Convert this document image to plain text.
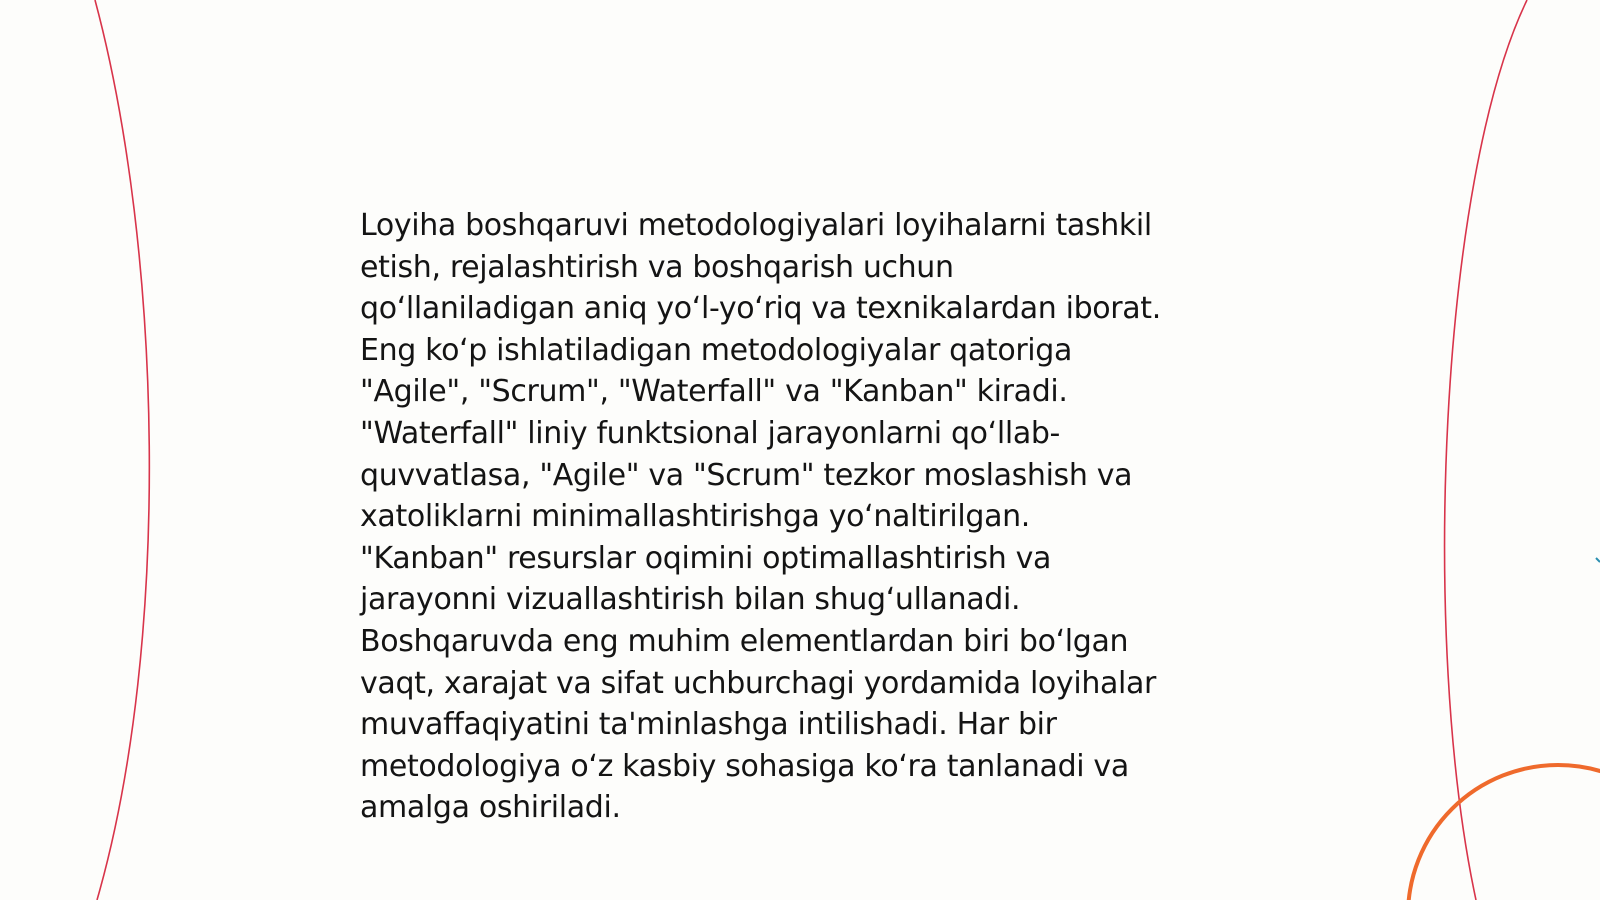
Loyiha boshqaruvi metodologiyalari loyihalarni tashkil
etish, rejalashtirish va boshqarish uchun
qo‘llaniladigan aniq yo‘l-yo‘riq va texnikalardan iborat.
Eng ko‘p ishlatiladigan metodologiyalar qatoriga
"Agile", "Scrum", "Waterfall" va "Kanban" kiradi.
"Waterfall" liniy funktsional jarayonlarni qo‘llab-
quvvatlasa, "Agile" va "Scrum" tezkor moslashish va
xatoliklarni minimallashtirishga yo‘naltirilgan.
"Kanban" resurslar oqimini optimallashtirish va
jarayonni vizuallashtirish bilan shug‘ullanadi.
Boshqaruvda eng muhim elementlardan biri bo‘lgan
vaqt, xarajat va sifat uchburchagi yordamida loyihalar
muvaffaqiyatini ta'minlashga intilishadi. Har bir
metodologiya o‘z kasbiy sohasiga ko‘ra tanlanadi va
amalga oshiriladi.
